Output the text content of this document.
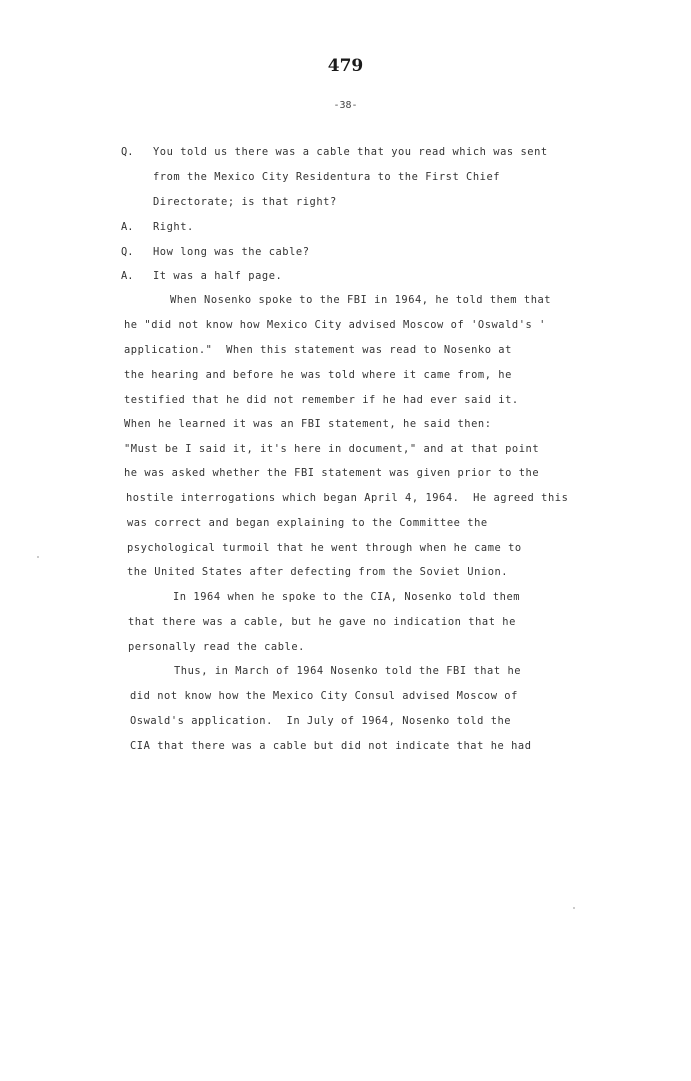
479
-38-
Q. You told us there was a cable that you read which was sent
from the Mexico City Residentura to the First Chief
Directorate; is that right?
A. Right.
Q. How long was the cable?
A. It was a half page.
When Nosenko spoke to the FBI in 1964, he told them that
he "did not know how Mexico City advised Moscow of 'Oswald's '
application."  When this statement was read to Nosenko at
the hearing and before he was told where it came from, he
testified that he did not remember if he had ever said it.
When he learned it was an FBI statement, he said then:
"Must be I said it, it's here in document," and at that point
he was asked whether the FBI statement was given prior to the
hostile interrogations which began April 4, 1964.  He agreed this
was correct and began explaining to the Committee the
psychological turmoil that he went through when he came to
the United States after defecting from the Soviet Union.
In 1964 when he spoke to the CIA, Nosenko told them
that there was a cable, but he gave no indication that he
personally read the cable.
Thus, in March of 1964 Nosenko told the FBI that he
did not know how the Mexico City Consul advised Moscow of
Oswald's application.  In July of 1964, Nosenko told the
CIA that there was a cable but did not indicate that he had
